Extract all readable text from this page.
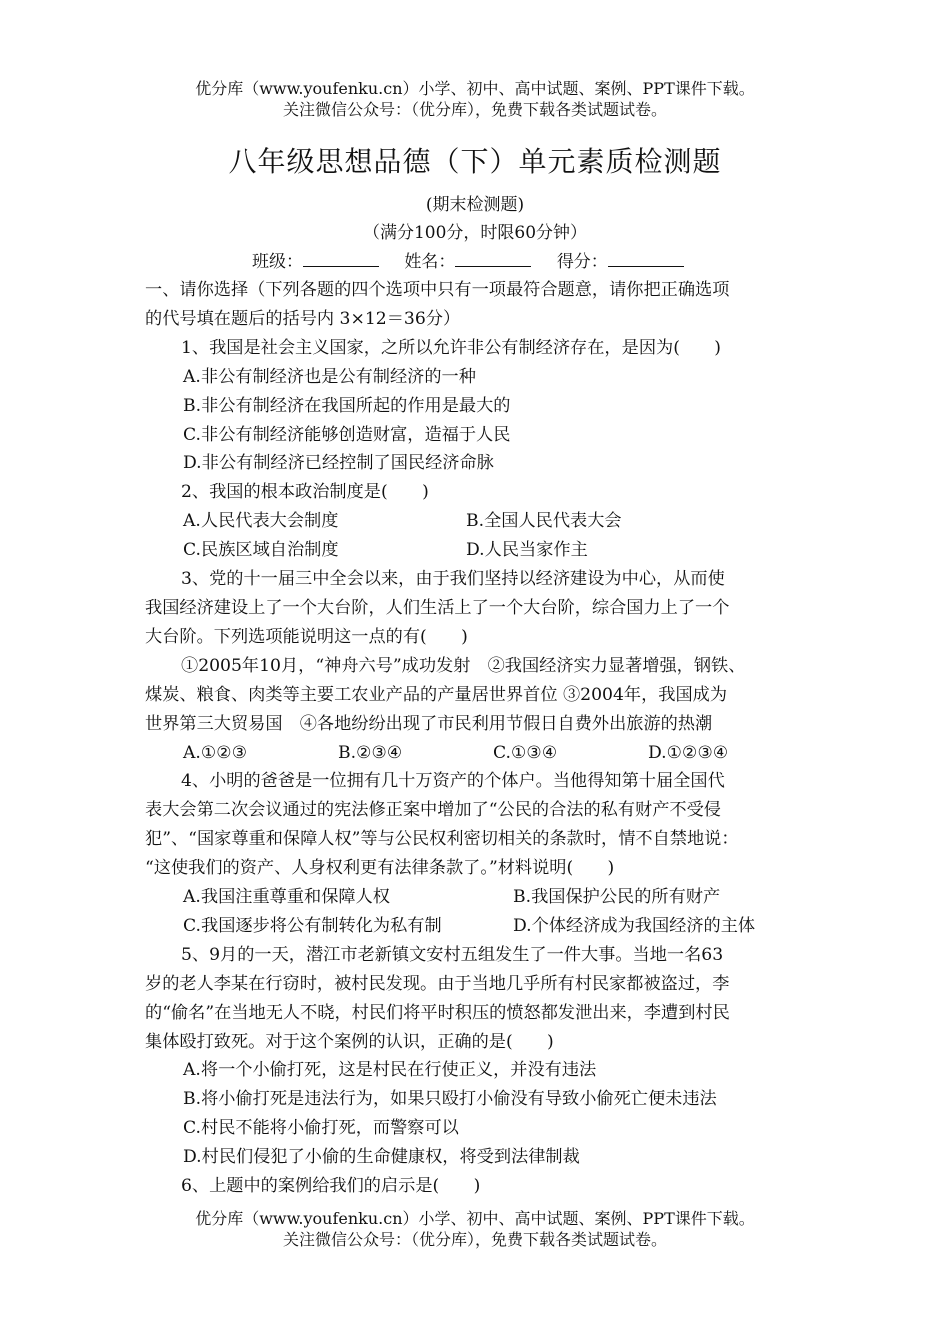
优分库（www.youfenku.cn）小学、初中、高中试题、案例、PPT课件下载。
关注微信公众号：（优分库），免费下载各类试题试卷。
八年级思想品德（下）单元素质检测题
(期末检测题)
（满分100分，时限60分钟）
班级：	姓名：	得分：

一、请你选择（下列各题的四个选项中只有一项最符合题意，请你把正确选项

的代号填在题后的括号内 3×12＝36分）

1、我国是社会主义国家，之所以允许非公有制经济存在，是因为(　　)

A.非公有制经济也是公有制经济的一种

B.非公有制经济在我国所起的作用是最大的

C.非公有制经济能够创造财富，造福于人民

D.非公有制经济已经控制了国民经济命脉

2、我国的根本政治制度是(　　)

A.人民代表大会制度	B.全国人民代表大会
C.民族区域自治制度	D.人民当家作主

3、党的十一届三中全会以来，由于我们坚持以经济建设为中心，从而使

我国经济建设上了一个大台阶，人们生活上了一个大台阶，综合国力上了一个

大台阶。下列选项能说明这一点的有(　　)

①2005年10月，“神舟六号”成功发射　②我国经济实力显著增强，钢铁、

煤炭、粮食、肉类等主要工农业产品的产量居世界首位 ③2004年，我国成为

世界第三大贸易国　④各地纷纷出现了市民利用节假日自费外出旅游的热潮

A.①②③	B.②③④	C.①③④	D.①②③④

4、小明的爸爸是一位拥有几十万资产的个体户。当他得知第十届全国代

表大会第二次会议通过的宪法修正案中增加了“公民的合法的私有财产不受侵

犯”、“国家尊重和保障人权”等与公民权利密切相关的条款时，情不自禁地说：

“这使我们的资产、人身权利更有法律条款了。”材料说明(　　)

A.我国注重尊重和保障人权	B.我国保护公民的所有财产
C.我国逐步将公有制转化为私有制	D.个体经济成为我国经济的主体

5、9月的一天，潜江市老新镇文安村五组发生了一件大事。当地一名63

岁的老人李某在行窃时，被村民发现。由于当地几乎所有村民家都被盗过，李

的“偷名”在当地无人不晓，村民们将平时积压的愤怒都发泄出来，李遭到村民

集体殴打致死。对于这个案例的认识，正确的是(　　)

A.将一个小偷打死，这是村民在行使正义，并没有违法

B.将小偷打死是违法行为，如果只殴打小偷没有导致小偷死亡便未违法

C.村民不能将小偷打死，而警察可以

D.村民们侵犯了小偷的生命健康权，将受到法律制裁

6、上题中的案例给我们的启示是(　　)

优分库（www.youfenku.cn）小学、初中、高中试题、案例、PPT课件下载。
关注微信公众号：（优分库），免费下载各类试题试卷。
